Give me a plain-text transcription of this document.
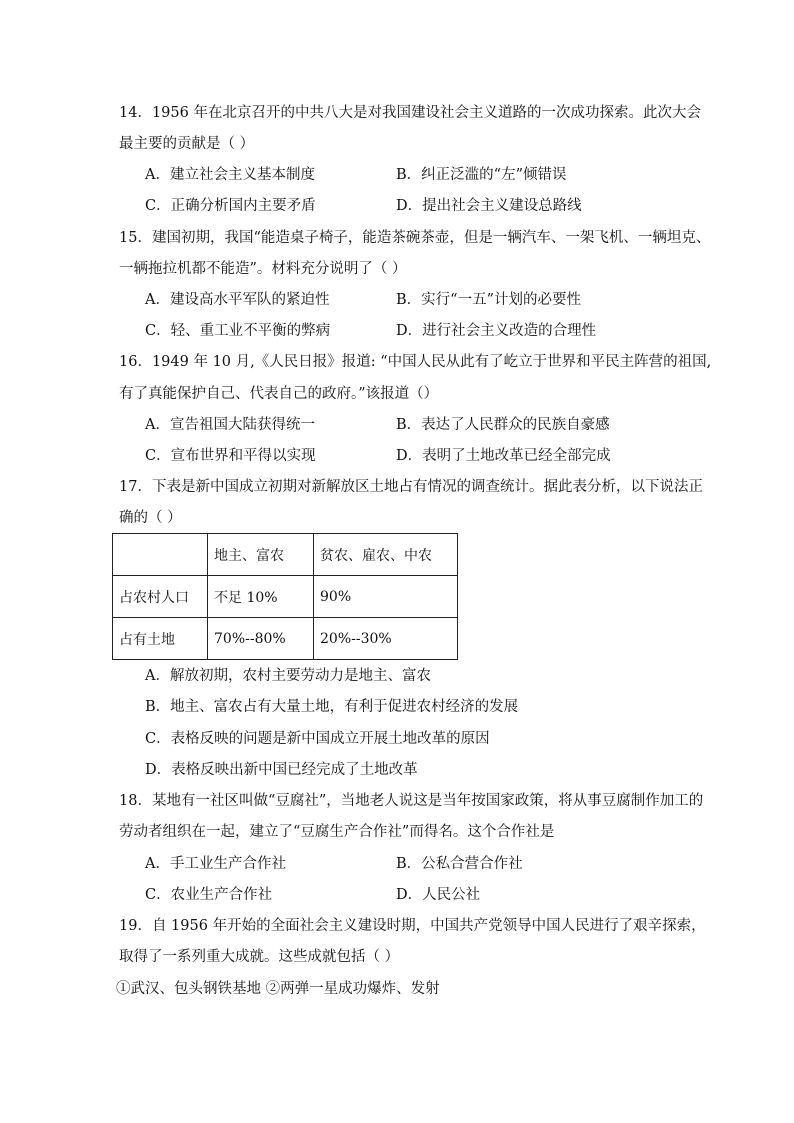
14．1956 年在北京召开的中共八大是对我国建设社会主义道路的一次成功探索。此次大会
最主要的贡献是（ ）
A．建立社会主义基本制度	B．纠正泛滥的“左”倾错误
C．正确分析国内主要矛盾	D．提出社会主义建设总路线
15．建国初期，我国“能造桌子椅子，能造茶碗茶壶，但是一辆汽车、一架飞机、一辆坦克、
一辆拖拉机都不能造”。材料充分说明了（ ）
A．建设高水平军队的紧迫性	B．实行“一五”计划的必要性
C．轻、重工业不平衡的弊病	D．进行社会主义改造的合理性
16．1949 年 10 月,《人民日报》报道: “中国人民从此有了屹立于世界和平民主阵营的祖国,
有了真能保护自己、代表自己的政府。”该报道（）
A．宣告祖国大陆获得统一	B．表达了人民群众的民族自豪感
C．宣布世界和平得以实现	D．表明了土地改革已经全部完成
17．下表是新中国成立初期对新解放区土地占有情况的调查统计。据此表分析，以下说法正
确的（ ）
	地主、富农	贫农、雇农、中农
占农村人口	不足 10%	90%
占有土地	70%--80%	20%--30%
A．解放初期，农村主要劳动力是地主、富农
B．地主、富农占有大量土地，有利于促进农村经济的发展
C．表格反映的问题是新中国成立开展土地改革的原因
D．表格反映出新中国已经完成了土地改革
18．某地有一社区叫做“豆腐社”，当地老人说这是当年按国家政策，将从事豆腐制作加工的
劳动者组织在一起，建立了“豆腐生产合作社”而得名。这个合作社是
A．手工业生产合作社	B．公私合营合作社
C．农业生产合作社	D．人民公社
19．自 1956 年开始的全面社会主义建设时期，中国共产党领导中国人民进行了艰辛探索，
取得了一系列重大成就。这些成就包括（ ）
①武汉、包头钢铁基地 ②两弹一星成功爆炸、发射
